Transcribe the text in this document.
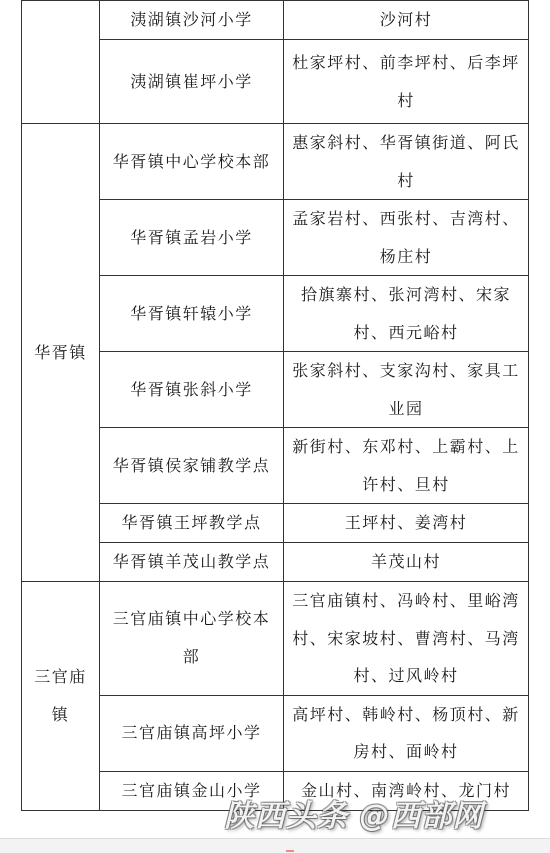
	洟湖镇沙河小学	沙河村
	洟湖镇崔坪小学	杜家坪村、前李坪村、后李坪村
华胥镇	华胥镇中心学校本部	惠家斜村、华胥镇街道、阿氏村
	华胥镇孟岩小学	孟家岩村、西张村、吉湾村、杨庄村
	华胥镇轩辕小学	拾旗寨村、张河湾村、宋家村、西元峪村
	华胥镇张斜小学	张家斜村、支家沟村、家具工业园
	华胥镇侯家铺教学点	新街村、东邓村、上霸村、上许村、旦村
	华胥镇王坪教学点	王坪村、姜湾村
	华胥镇羊茂山教学点	羊茂山村
三官庙镇	三官庙镇中心学校本部	三官庙镇村、冯岭村、里峪湾村、宋家坡村、曹湾村、马湾村、过风岭村
	三官庙镇高坪小学	高坪村、韩岭村、杨顶村、新房村、面岭村
	三官庙镇金山小学	金山村、南湾岭村、龙门村
陕西头条 @西部网
